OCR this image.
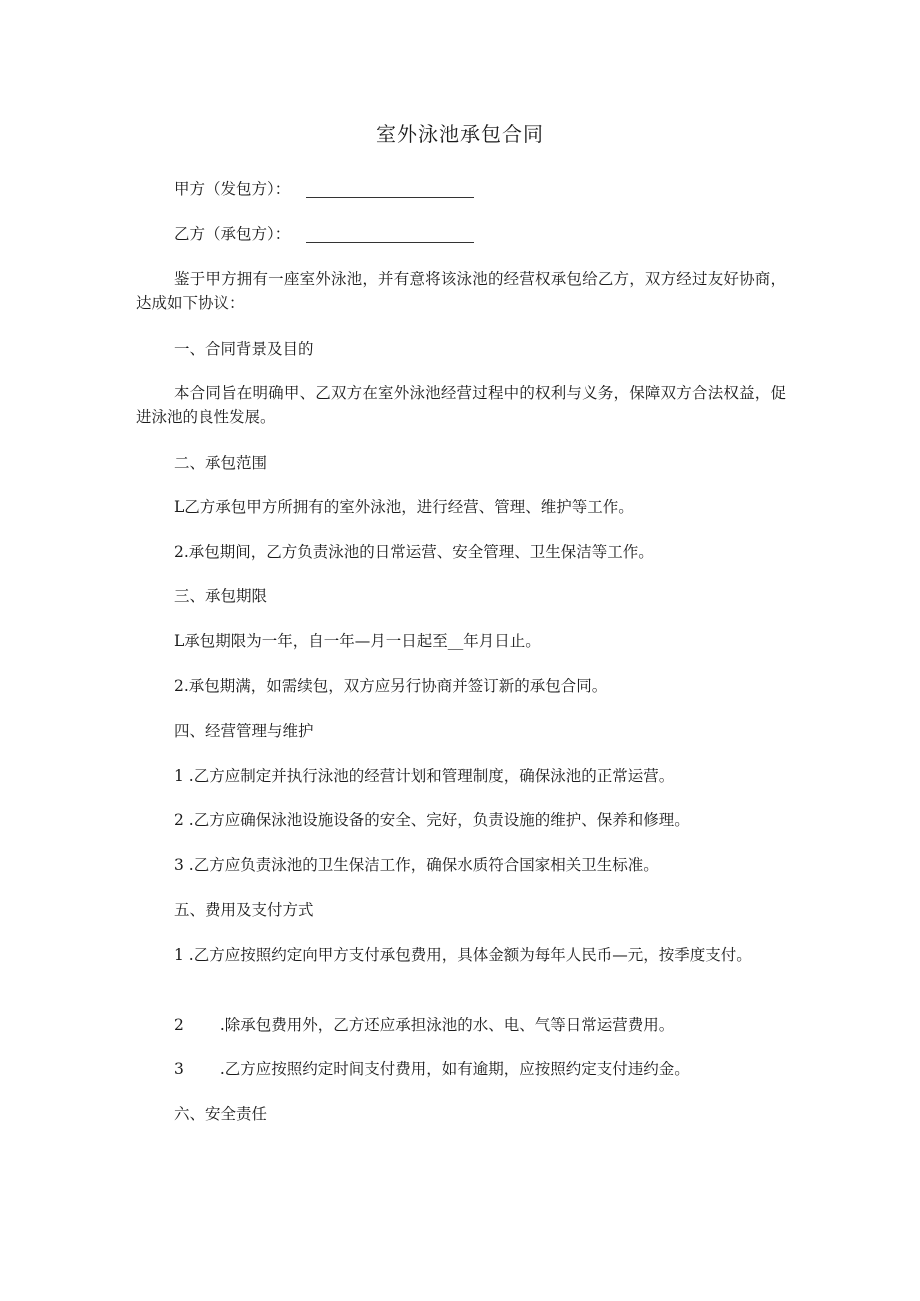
室外泳池承包合同
甲方（发包方）：
乙方（承包方）：
鉴于甲方拥有一座室外泳池，并有意将该泳池的经营权承包给乙方，双方经过友好协商，达成如下协议：
一、合同背景及目的
本合同旨在明确甲、乙双方在室外泳池经营过程中的权利与义务，保障双方合法权益，促进泳池的良性发展。
二、承包范围
L乙方承包甲方所拥有的室外泳池，进行经营、管理、维护等工作。
2.承包期间，乙方负责泳池的日常运营、安全管理、卫生保洁等工作。
三、承包期限
L承包期限为一年，自一年—月一日起至__年月日止。
2.承包期满，如需续包，双方应另行协商并签订新的承包合同。
四、经营管理与维护
1 .乙方应制定并执行泳池的经营计划和管理制度，确保泳池的正常运营。
2 .乙方应确保泳池设施设备的安全、完好，负责设施的维护、保养和修理。
3 .乙方应负责泳池的卫生保洁工作，确保水质符合国家相关卫生标准。
五、费用及支付方式
1 .乙方应按照约定向甲方支付承包费用，具体金额为每年人民币—元，按季度支付。
2 .除承包费用外，乙方还应承担泳池的水、电、气等日常运营费用。
3 .乙方应按照约定时间支付费用，如有逾期，应按照约定支付违约金。
六、安全责任
